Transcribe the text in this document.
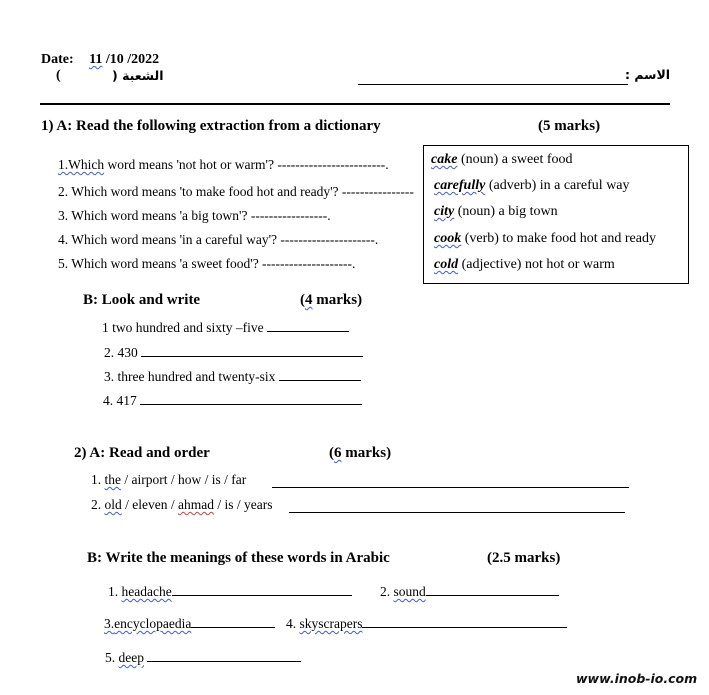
Date: 11 /10 /2022
(	الشعبة (	الاسم :
1) A: Read the following extraction from a dictionary	(5 marks)
1.Which word means 'not hot or warm'? ------------------------.
2. Which word means 'to make food hot and ready'? ----------------
3. Which word means 'a big town'? -----------------.
4. Which word means 'in a careful way'? ---------------------.
5. Which word means 'a sweet food'? --------------------.
cake (noun) a sweet food
carefully (adverb) in a careful way
city (noun) a big town
cook (verb) to make food hot and ready
cold (adjective) not hot or warm
B: Look and write	(4 marks)
1 two hundred and sixty –five
2. 430
3. three hundred and twenty-six
4. 417
2) A: Read and order	(6 marks)
1. the / airport / how / is / far
2. old / eleven / ahmad / is / years
B: Write the meanings of these words in Arabic	(2.5 marks)
1. headache	2. sound
3.encyclopaedia	4. skyscrapers
5. deep
www.inob-io.com
